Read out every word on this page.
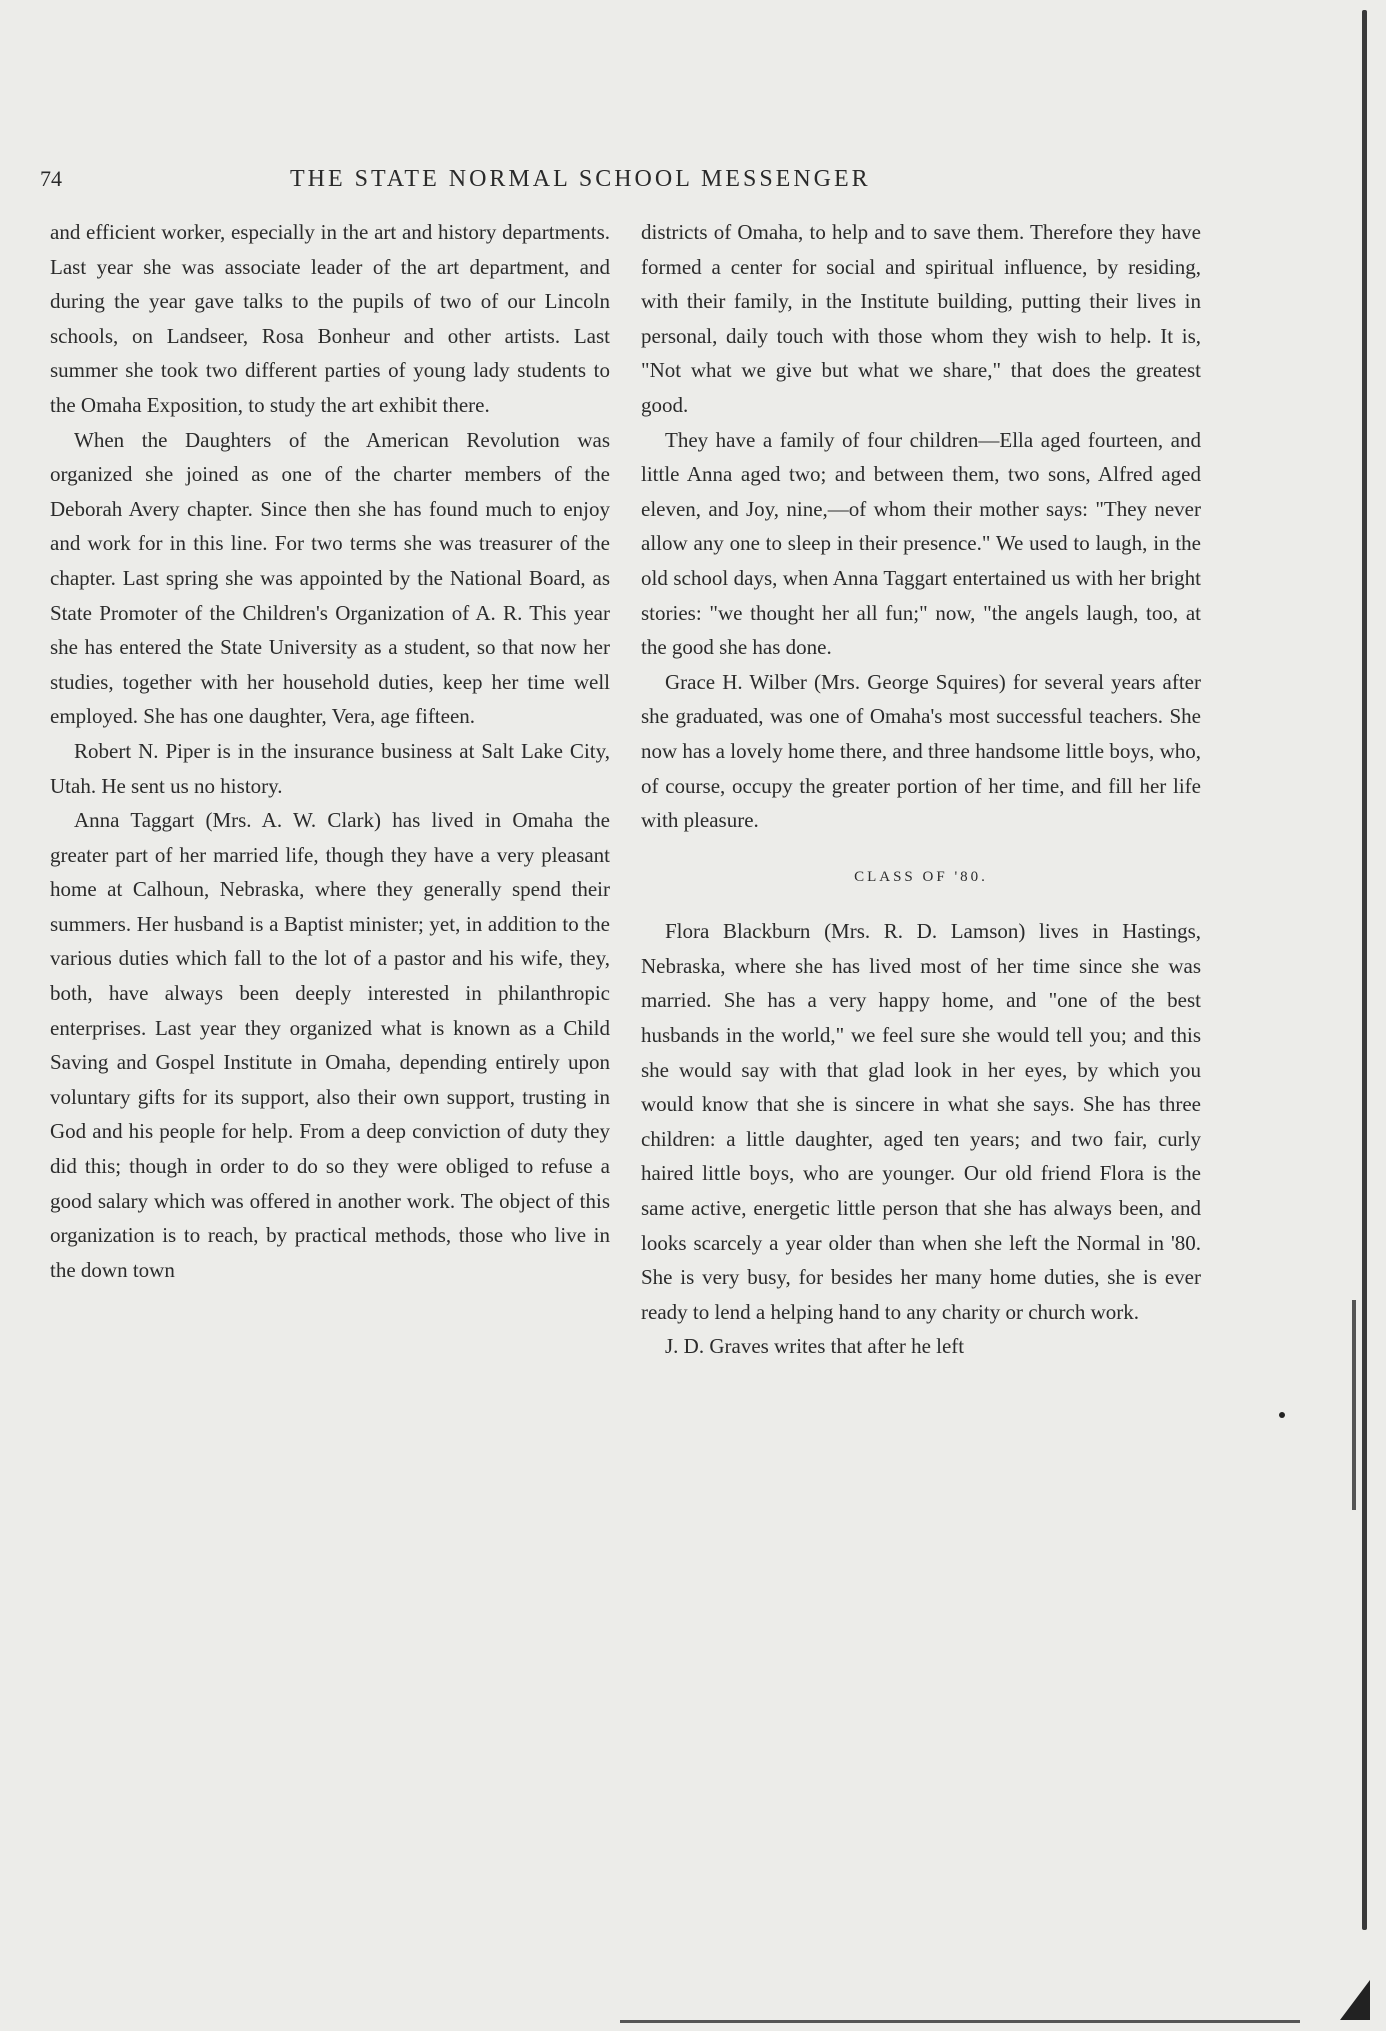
74	THE STATE NORMAL SCHOOL MESSENGER

and efficient worker, especially in the art and history departments. Last year she was associate leader of the art department, and during the year gave talks to the pupils of two of our Lincoln schools, on Landseer, Rosa Bonheur and other artists. Last summer she took two different parties of young lady students to the Omaha Exposition, to study the art exhibit there.

When the Daughters of the American Revolution was organized she joined as one of the charter members of the Deborah Avery chapter. Since then she has found much to enjoy and work for in this line. For two terms she was treasurer of the chapter. Last spring she was appointed by the National Board, as State Promoter of the Children's Organization of A. R. This year she has entered the State University as a student, so that now her studies, together with her household duties, keep her time well employed. She has one daughter, Vera, age fifteen.

Robert N. Piper is in the insurance business at Salt Lake City, Utah. He sent us no history.

Anna Taggart (Mrs. A. W. Clark) has lived in Omaha the greater part of her married life, though they have a very pleasant home at Calhoun, Nebraska, where they generally spend their summers. Her husband is a Baptist minister; yet, in addition to the various duties which fall to the lot of a pastor and his wife, they, both, have always been deeply interested in philanthropic enterprises. Last year they organized what is known as a Child Saving and Gospel Institute in Omaha, depending entirely upon voluntary gifts for its support, also their own support, trusting in God and his people for help. From a deep conviction of duty they did this; though in order to do so they were obliged to refuse a good salary which was offered in another work. The object of this organization is to reach, by practical methods, those who live in the down town

districts of Omaha, to help and to save them. Therefore they have formed a center for social and spiritual influence, by residing, with their family, in the Institute building, putting their lives in personal, daily touch with those whom they wish to help. It is, "Not what we give but what we share," that does the greatest good.

They have a family of four children—Ella aged fourteen, and little Anna aged two; and between them, two sons, Alfred aged eleven, and Joy, nine,—of whom their mother says: "They never allow any one to sleep in their presence." We used to laugh, in the old school days, when Anna Taggart entertained us with her bright stories: "we thought her all fun;" now, "the angels laugh, too, at the good she has done.

Grace H. Wilber (Mrs. George Squires) for several years after she graduated, was one of Omaha's most successful teachers. She now has a lovely home there, and three handsome little boys, who, of course, occupy the greater portion of her time, and fill her life with pleasure.

CLASS OF '80.

Flora Blackburn (Mrs. R. D. Lamson) lives in Hastings, Nebraska, where she has lived most of her time since she was married. She has a very happy home, and "one of the best husbands in the world," we feel sure she would tell you; and this she would say with that glad look in her eyes, by which you would know that she is sincere in what she says. She has three children: a little daughter, aged ten years; and two fair, curly haired little boys, who are younger. Our old friend Flora is the same active, energetic little person that she has always been, and looks scarcely a year older than when she left the Normal in '80. She is very busy, for besides her many home duties, she is ever ready to lend a helping hand to any charity or church work.

J. D. Graves writes that after he left
